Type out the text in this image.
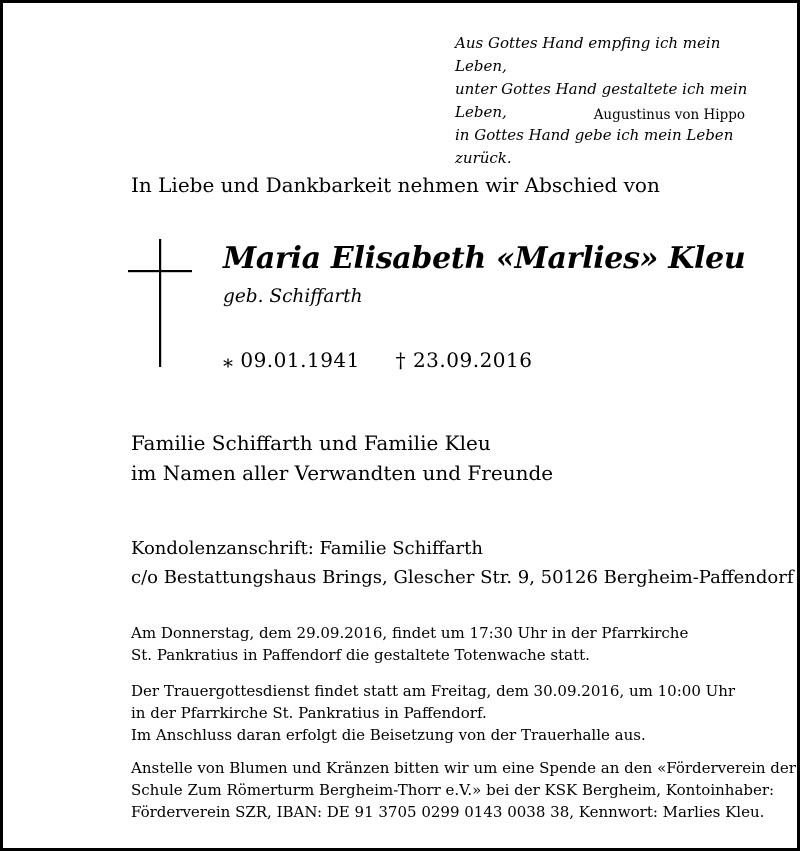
Aus Gottes Hand empfing ich mein Leben,
unter Gottes Hand gestaltete ich mein Leben,
in Gottes Hand gebe ich mein Leben zurück.
Augustinus von Hippo
In Liebe und Dankbarkeit nehmen wir Abschied von
Maria Elisabeth «Marlies» Kleu
geb. Schiffarth
⁎ 09.01.1941 † 23.09.2016
Familie Schiffarth und Familie Kleu
im Namen aller Verwandten und Freunde
Kondolenzanschrift: Familie Schiffarth
c/o Bestattungshaus Brings, Glescher Str. 9, 50126 Bergheim-Paffendorf
Am Donnerstag, dem 29.09.2016, findet um 17:30 Uhr in der Pfarrkirche
St. Pankratius in Paffendorf die gestaltete Totenwache statt.
Der Trauergottesdienst findet statt am Freitag, dem 30.09.2016, um 10:00 Uhr
in der Pfarrkirche St. Pankratius in Paffendorf.
Im Anschluss daran erfolgt die Beisetzung von der Trauerhalle aus.
Anstelle von Blumen und Kränzen bitten wir um eine Spende an den «Förderverein der
Schule Zum Römerturm Bergheim-Thorr e.V.» bei der KSK Bergheim, Kontoinhaber:
Förderverein SZR, IBAN: DE 91 3705 0299 0143 0038 38, Kennwort: Marlies Kleu.
